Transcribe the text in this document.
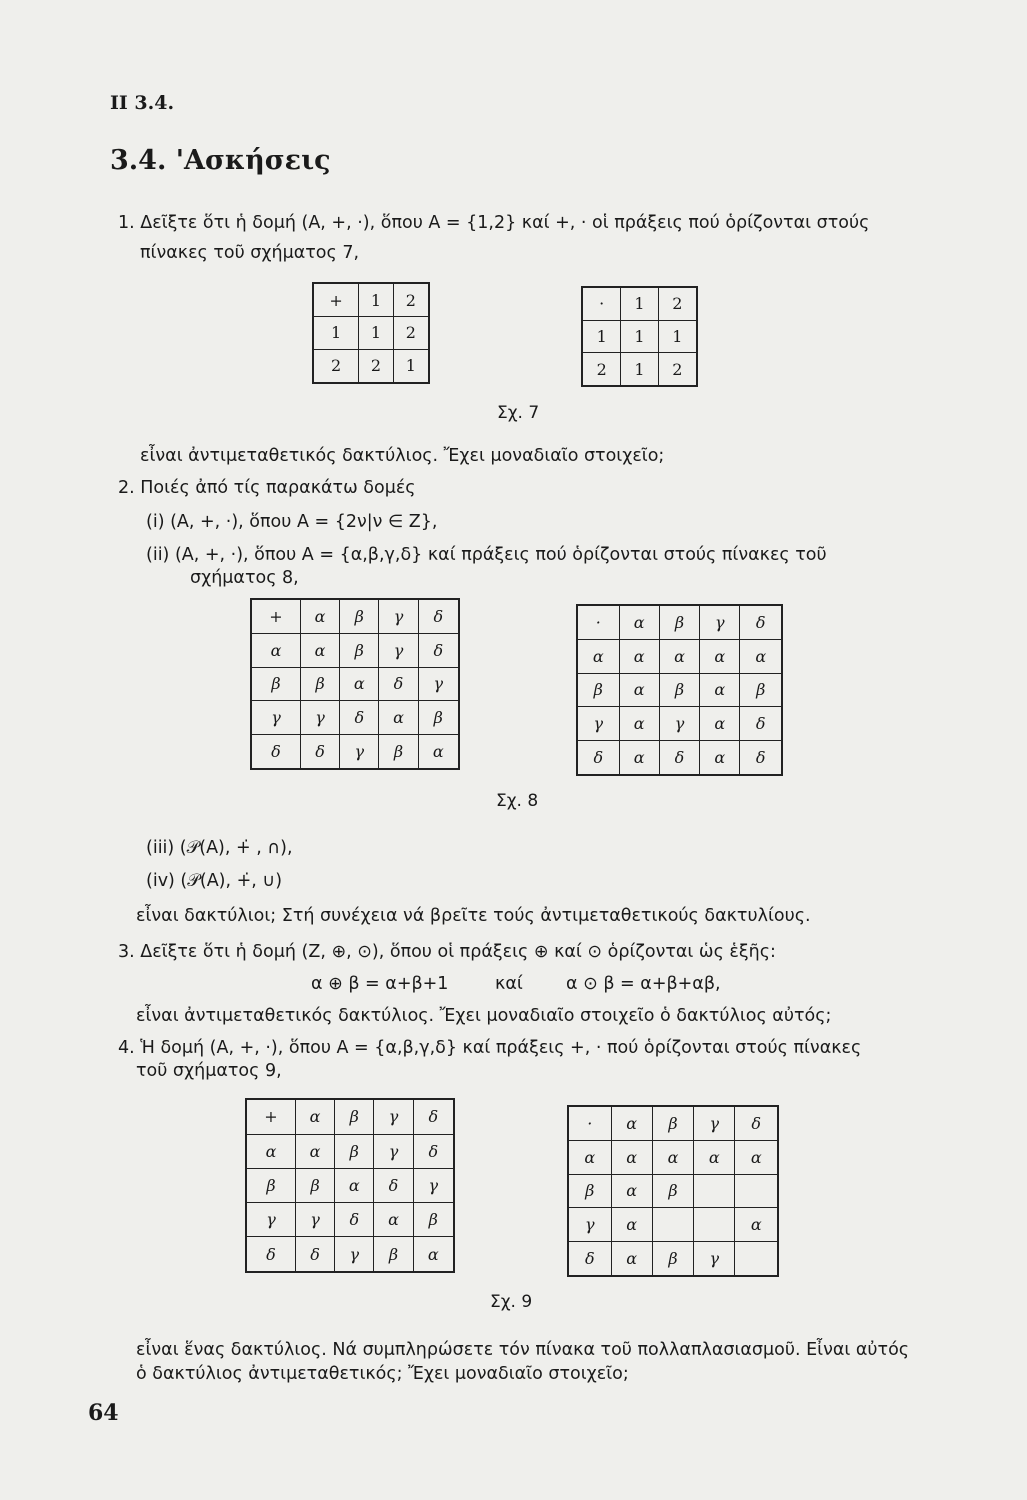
II 3.4.
3.4. 'Ασκήσεις
1. Δεῖξτε ὅτι ἡ δομή (A, +, ·), ὅπου A = {1,2} καί +, · οἱ πράξεις πού ὁρίζονται στούς
πίνακες τοῦ σχήματος 7,
+	1	2
1	1	2
2	2	1
·	1	2
1	1	1
2	1	2
Σχ. 7
εἶναι ἀντιμεταθετικός δακτύλιος. Ἔχει μοναδιαῖο στοιχεῖο;
2. Ποιές ἀπό τίς παρακάτω δομές
(i) (A, +, ·), ὅπου A = {2ν|ν ∈ Z},
(ii) (A, +, ·), ὅπου A = {α,β,γ,δ} καί πράξεις πού ὁρίζονται στούς πίνακες τοῦ
σχήματος 8,
+	α	β	γ	δ
α	α	β	γ	δ
β	β	α	δ	γ
γ	γ	δ	α	β
δ	δ	γ	β	α
·	α	β	γ	δ
α	α	α	α	α
β	α	β	α	β
γ	α	γ	α	δ
δ	α	δ	α	δ
Σχ. 8
(iii) (𝒫(A), +̇ , ∩),
(iv) (𝒫(A), +̇, ∪)
εἶναι δακτύλιοι; Στή συνέχεια νά βρεῖτε τούς ἀντιμεταθετικούς δακτυλίους.
3. Δεῖξτε ὅτι ἡ δομή (Z, ⊕, ⊙), ὅπου οἱ πράξεις ⊕ καί ⊙ ὁρίζονται ὡς ἑξῆς:
α ⊕ β = α+β+1	καί α ⊙ β = α+β+αβ,
εἶναι ἀντιμεταθετικός δακτύλιος. Ἔχει μοναδιαῖο στοιχεῖο ὁ δακτύλιος αὐτός;
4. Ἡ δομή (A, +, ·), ὅπου A = {α,β,γ,δ} καί πράξεις +, · πού ὁρίζονται στούς πίνακες
τοῦ σχήματος 9,
+	α	β	γ	δ
α	α	β	γ	δ
β	β	α	δ	γ
γ	γ	δ	α	β
δ	δ	γ	β	α
·	α	β	γ	δ
α	α	α	α	α
β	α	β		
γ	α			α
δ	α	β	γ	
Σχ. 9
εἶναι ἕνας δακτύλιος. Νά συμπληρώσετε τόν πίνακα τοῦ πολλαπλασιασμοῦ. Εἶναι αὐτός
ὁ δακτύλιος ἀντιμεταθετικός; Ἔχει μοναδιαῖο στοιχεῖο;
64
